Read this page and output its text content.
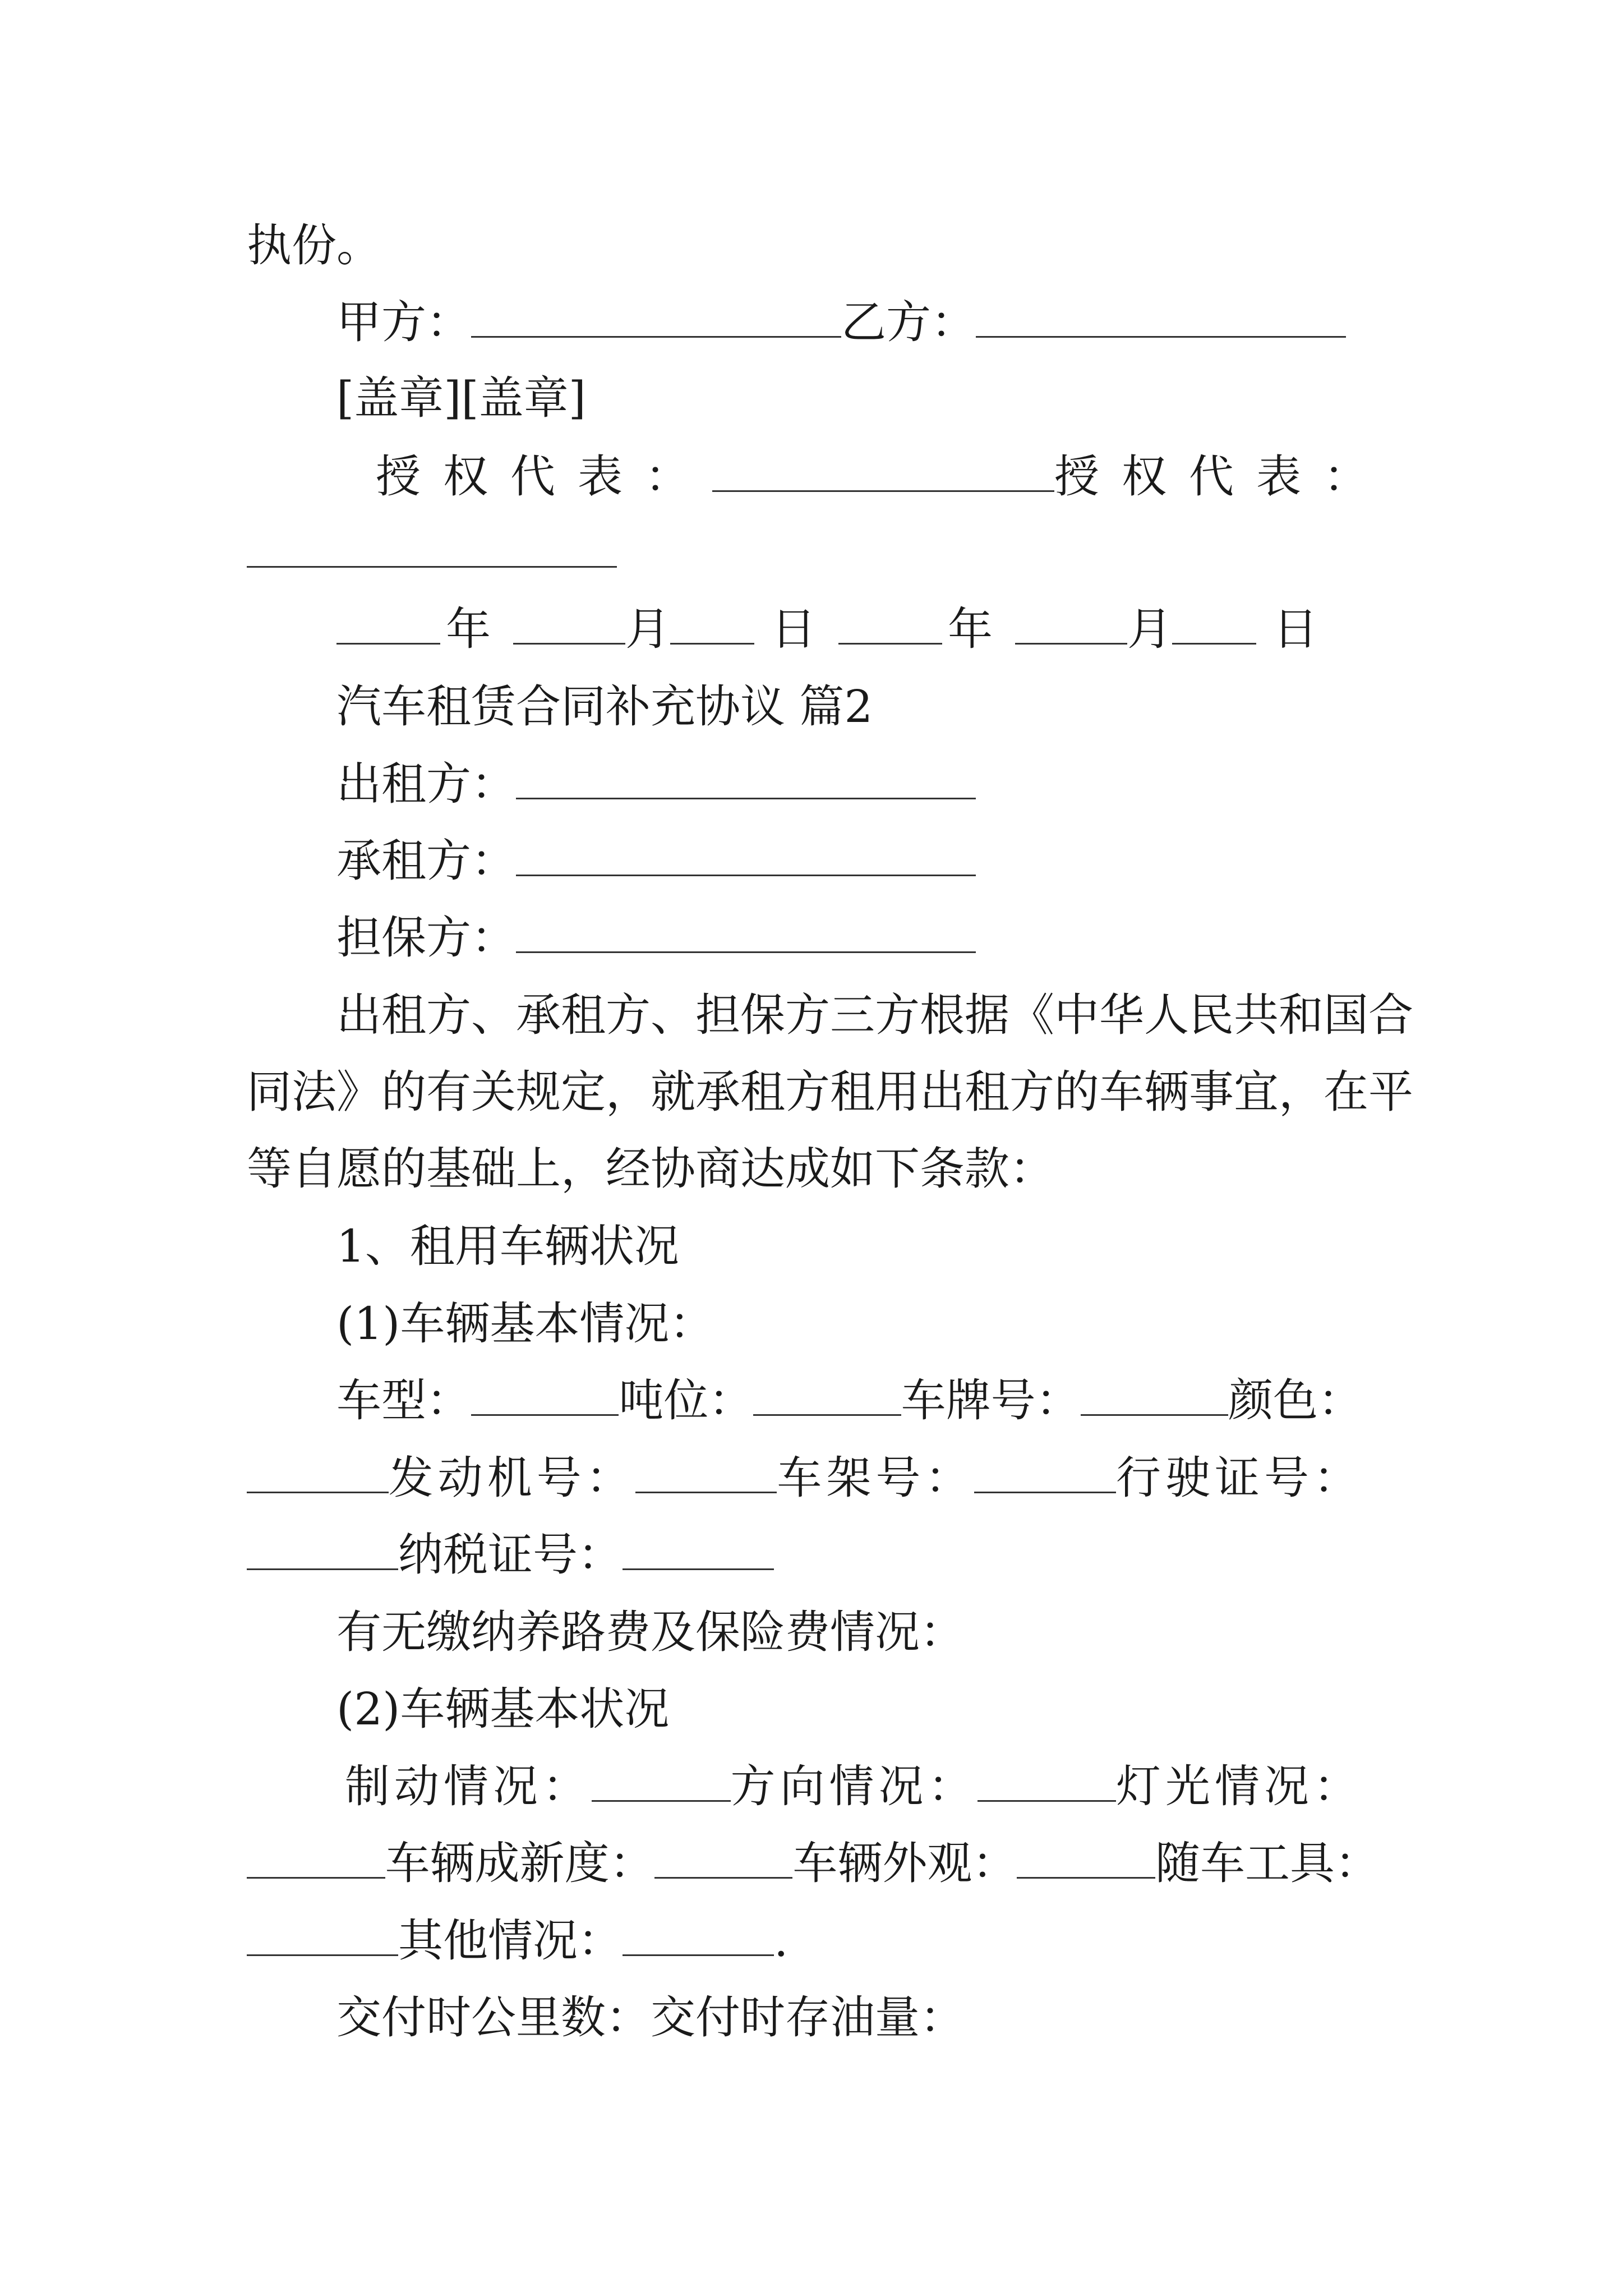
执份。
甲方：	乙方：
[盖章][盖章]
授权代表：	授权代表：
年	月 日	年	月 日
汽车租赁合同补充协议 篇2
出租方：
承租方：
担保方：
出租方、承租方、担保方三方根据《中华人民共和国合
同法》的有关规定，就承租方租用出租方的车辆事宜，在平
等自愿的基础上，经协商达成如下条款：
1、租用车辆状况
(1)车辆基本情况：
车型：	吨位：	车牌号：	颜色：
发动机号：	车架号：	行驶证号：
纳税证号：
有无缴纳养路费及保险费情况：
(2)车辆基本状况
制动情况：	方向情况：	灯光情况：
车辆成新度：	车辆外观：	随车工具：
其他情况：	.
交付时公里数：交付时存油量：
